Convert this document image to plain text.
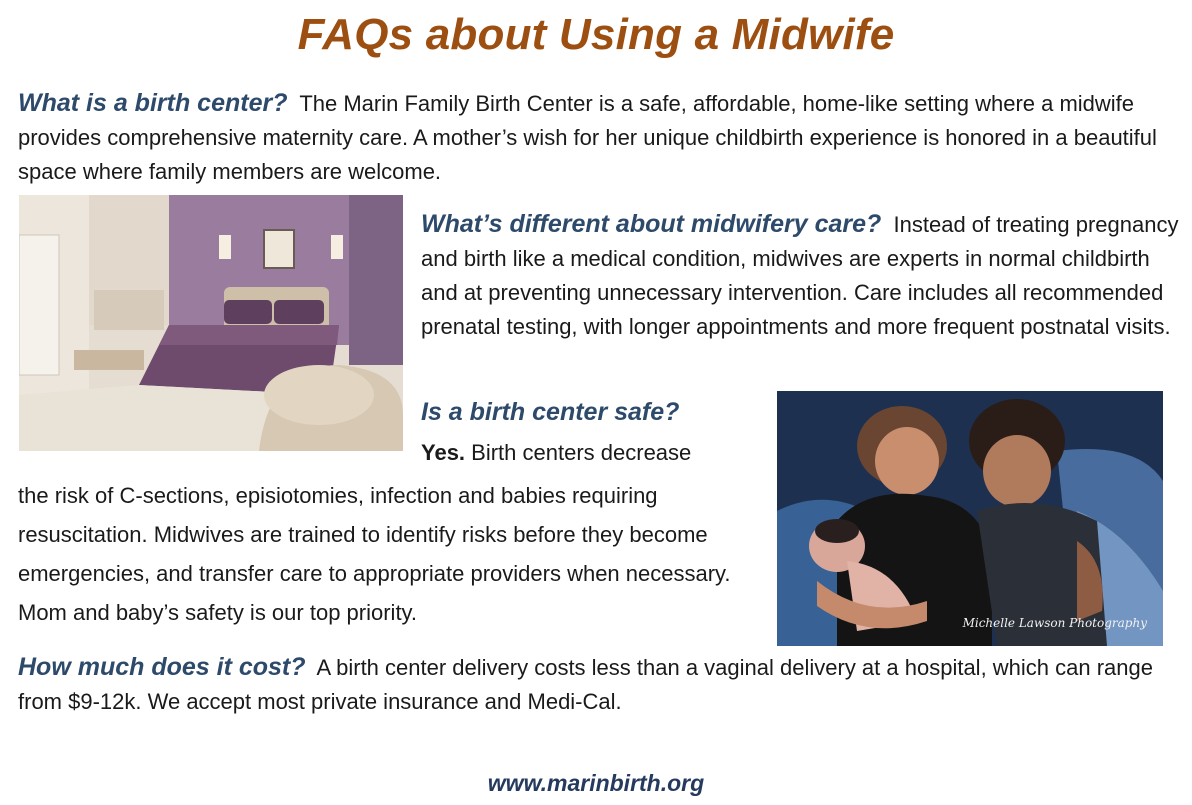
FAQs about Using a Midwife
What is a birth center? The Marin Family Birth Center is a safe, affordable, home-like setting where a midwife provides comprehensive maternity care. A mother’s wish for her unique childbirth experience is honored in a beautiful space where family members are welcome.
What’s different about midwifery care? Instead of treating pregnancy and birth like a medical condition, midwives are experts in normal childbirth and at preventing unnecessary intervention. Care includes all recommended prenatal testing, with longer appointments and more frequent postnatal visits.
Is a birth center safe?
Yes. Birth centers decrease
the risk of C-sections, episiotomies, infection and babies requiring resuscitation. Midwives are trained to identify risks before they become emergencies, and transfer care to appropriate providers when necessary. Mom and baby’s safety is our top priority.	Michelle Lawson Photography
How much does it cost? A birth center delivery costs less than a vaginal delivery at a hospital, which can range from $9-12k. We accept most private insurance and Medi-Cal.
www.marinbirth.org
